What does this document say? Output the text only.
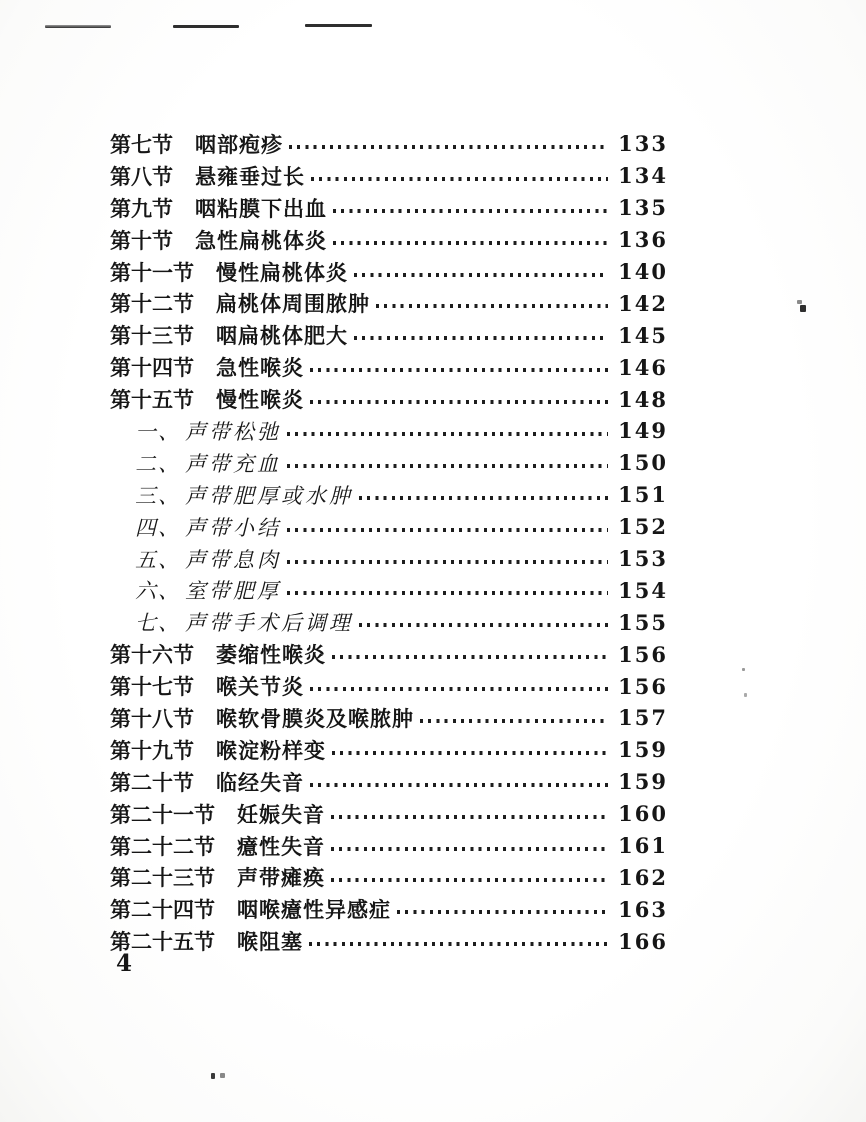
第七节 咽部疱疹	133
第八节 悬雍垂过长	134
第九节 咽粘膜下出血	135
第十节 急性扁桃体炎	136
第十一节 慢性扁桃体炎	140
第十二节 扁桃体周围脓肿	142
第十三节 咽扁桃体肥大	145
第十四节 急性喉炎	146
第十五节 慢性喉炎	148
一、 声带松弛	149
二、 声带充血	150
三、 声带肥厚或水肿	151
四、 声带小结	152
五、 声带息肉	153
六、 室带肥厚	154
七、 声带手术后调理	155
第十六节 萎缩性喉炎	156
第十七节 喉关节炎	156
第十八节 喉软骨膜炎及喉脓肿	157
第十九节 喉淀粉样变	159
第二十节 临经失音	159
第二十一节 妊娠失音	160
第二十二节 癔性失音	161
第二十三节 声带瘫痪	162
第二十四节 咽喉癔性异感症	163
第二十五节 喉阻塞	166
4
